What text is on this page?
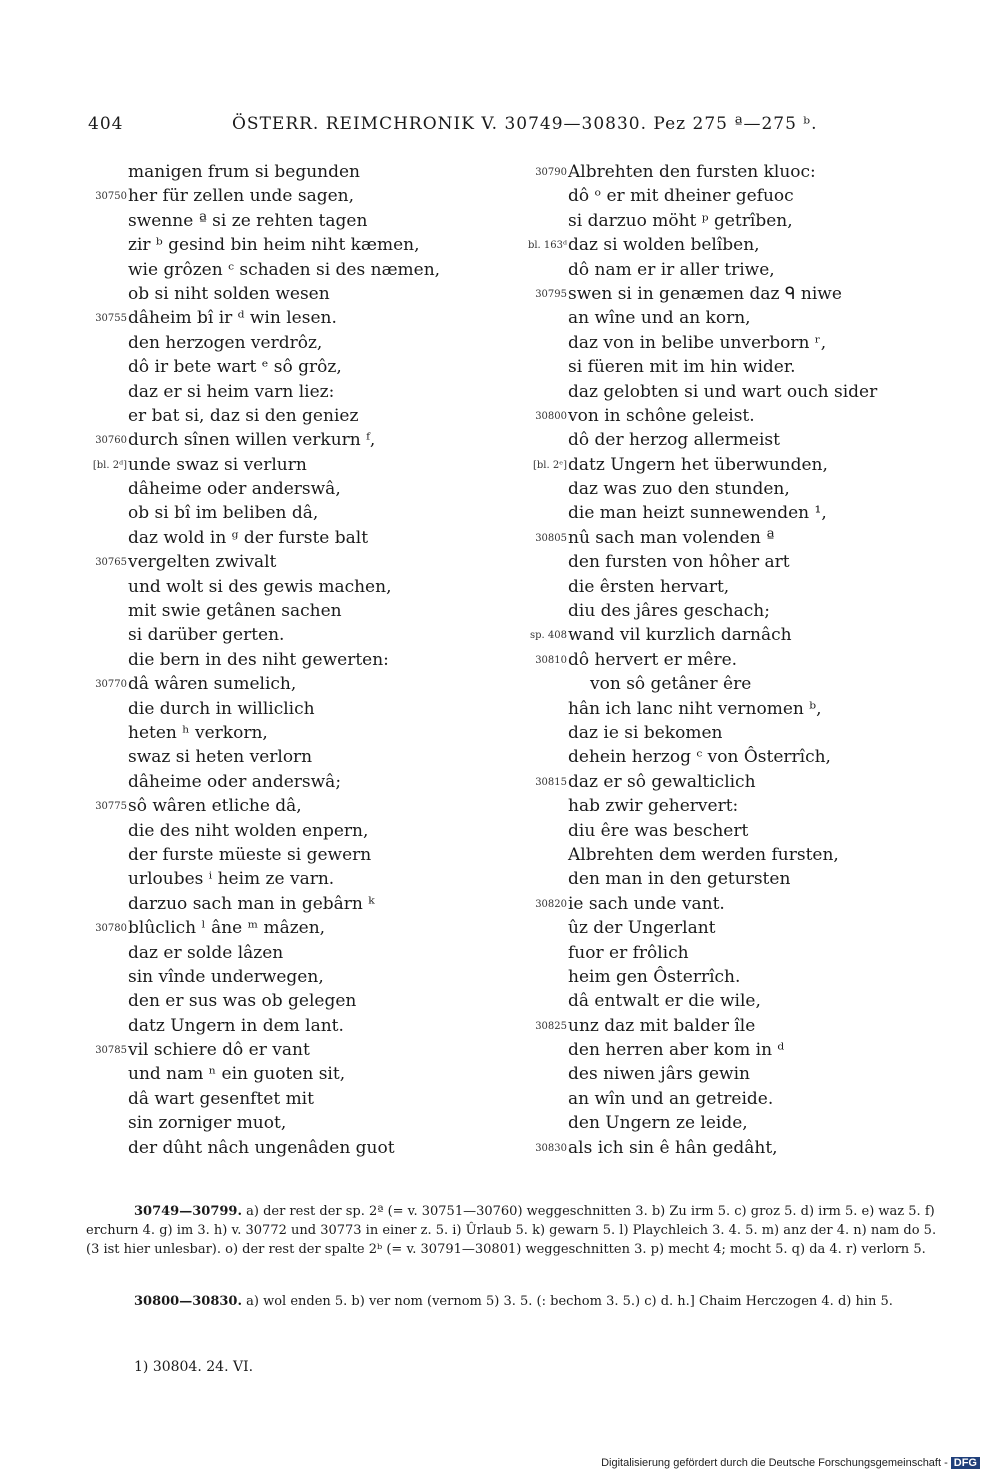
404	ÖSTERR. REIMCHRONIK V. 30749—30830. Pez 275 ª—275 ᵇ.
manigen frum si begunden
30750 her für zellen unde sagen,
swenne ª si ze rehten tagen
zir ᵇ gesind bin heim niht kæmen,
wie grôzen ᶜ schaden si des næmen,
ob si niht solden wesen
30755 dâheim bî ir ᵈ win lesen.
den herzogen verdrôz,
dô ir bete wart ᵉ sô grôz,
daz er si heim varn liez:
er bat si, daz si den geniez
30760 durch sînen willen verkurn ᶠ,
[bl. 2ᵈ] unde swaz si verlurn
dâheime oder anderswâ,
ob si bî im beliben dâ,
daz wold in ᵍ der furste balt
30765 vergelten zwivalt
und wolt si des gewis machen,
mit swie getânen sachen
si darüber gerten.
die bern in des niht gewerten:
30770 dâ wâren sumelich,
die durch in williclich
heten ʰ verkorn,
swaz si heten verlorn
dâheime oder anderswâ;
30775 sô wâren etliche dâ,
die des niht wolden enpern,
der furste müeste si gewern
urloubes ⁱ heim ze varn.
darzuo sach man in gebârn ᵏ
30780 blûclich ˡ âne ᵐ mâzen,
daz er solde lâzen
sin vînde underwegen,
den er sus was ob gelegen
datz Ungern in dem lant.
30785 vil schiere dô er vant
und nam ⁿ ein guoten sit,
dâ wart gesenftet mit
sin zorniger muot,
der dûht nâch ungenâden guot
30790 Albrehten den fursten kluoc:
dô ᵒ er mit dheiner gefuoc
si darzuo möht ᵖ getrîben,
bl. 163ᵈ daz si wolden belîben,
dô nam er ir aller triwe,
30795 swen si in genæmen daz ᑫ niwe
an wîne und an korn,
daz von in belibe unverborn ʳ,
si füeren mit im hin wider.
daz gelobten si und wart ouch sider
30800 von in schône geleist.
dô der herzog allermeist
[bl. 2ᵉ] datz Ungern het überwunden,
daz was zuo den stunden,
die man heizt sunnewenden ¹,
30805 nû sach man volenden ª
den fursten von hôher art
die êrsten hervart,
diu des jâres geschach;
sp. 408 wand vil kurzlich darnâch
30810 dô hervert er mêre.
von sô getâner êre
hân ich lanc niht vernomen ᵇ,
daz ie si bekomen
dehein herzog ᶜ von Ôsterrîch,
30815 daz er sô gewalticlich
hab zwir gehervert:
diu êre was beschert
Albrehten dem werden fursten,
den man in den getursten
30820 ie sach unde vant.
ûz der Ungerlant
fuor er frôlich
heim gen Ôsterrîch.
dâ entwalt er die wile,
30825 unz daz mit balder île
den herren aber kom in ᵈ
des niwen jârs gewin
an wîn und an getreide.
den Ungern ze leide,
30830 als ich sin ê hân gedâht,

30749—30799. a) der rest der sp. 2ª (= v. 30751—30760) weggeschnitten 3. b) Zu irm 5. c) groz 5. d) irm 5. e) waz 5. f) erchurn 4. g) im 3. h) v. 30772 und 30773 in einer z. 5. i) Ûrlaub 5. k) gewarn 5. l) Playchleich 3. 4. 5. m) anz der 4. n) nam do 5. (3 ist hier unlesbar). o) der rest der spalte 2ᵇ (= v. 30791—30801) weggeschnitten 3. p) mecht 4; mocht 5. q) da 4. r) verlorn 5.

30800—30830. a) wol enden 5. b) ver nom (vernom 5) 3. 5. (: bechom 3. 5.) c) d. h.] Chaim Herczogen 4. d) hin 5.

1) 30804. 24. VI.
Digitalisierung gefördert durch die Deutsche Forschungsgemeinschaft - DFG
